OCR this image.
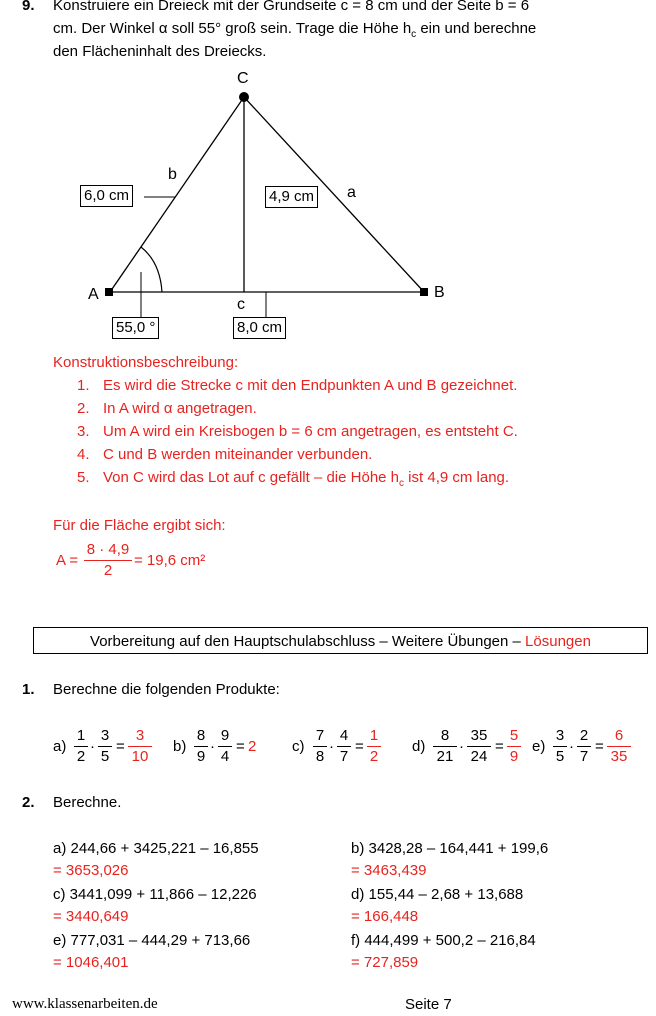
9. Konstruiere ein Dreieck mit der Grundseite c = 8 cm und der Seite b = 6
cm. Der Winkel α soll 55° groß sein. Trage die Höhe $h_c$ ein und berechne
den Flächeninhalt des Dreiecks.
C
A	B
b
a
c
6,0 cm	4,9 cm
55,0 °	8,0 cm
Konstruktionsbeschreibung:
1. Es wird die Strecke c mit den Endpunkten A und B gezeichnet.
2. In A wird α angetragen.
3. Um A wird ein Kreisbogen b = 6 cm angetragen, es entsteht C.
4. C und B werden miteinander verbunden.
5. Von C wird das Lot auf c gefällt – die Höhe $h_c$ ist 4,9 cm lang.
Für die Fläche ergibt sich:
A =
8 · 4,9
2
= 19,6 cm²
Vorbereitung auf den Hauptschulabschluss – Weitere Übungen – Lösungen
1. Berechne die folgenden Produkte:
a)
1
2
·
3
5
=
3
10
b)
8
9
·
9
4
= 2 c)
7
8
·
4
7
=
1
2
d)
8
21
·
35
24
=
5
9
e)
3
5
·
2
7
=
6
35
2. Berechne.
a) 244,66 + 3425,221 – 16,855
= 3653,026
b) 3428,28 – 164,441 + 199,6
= 3463,439
c) 3441,099 + 11,866 – 12,226
= 3440,649
d) 155,44 – 2,68 + 13,688
= 166,448
e) 777,031 – 444,29 + 713,66
= 1046,401
f) 444,499 + 500,2 – 216,84
= 727,859
www.klassenarbeiten.de	Seite 7
